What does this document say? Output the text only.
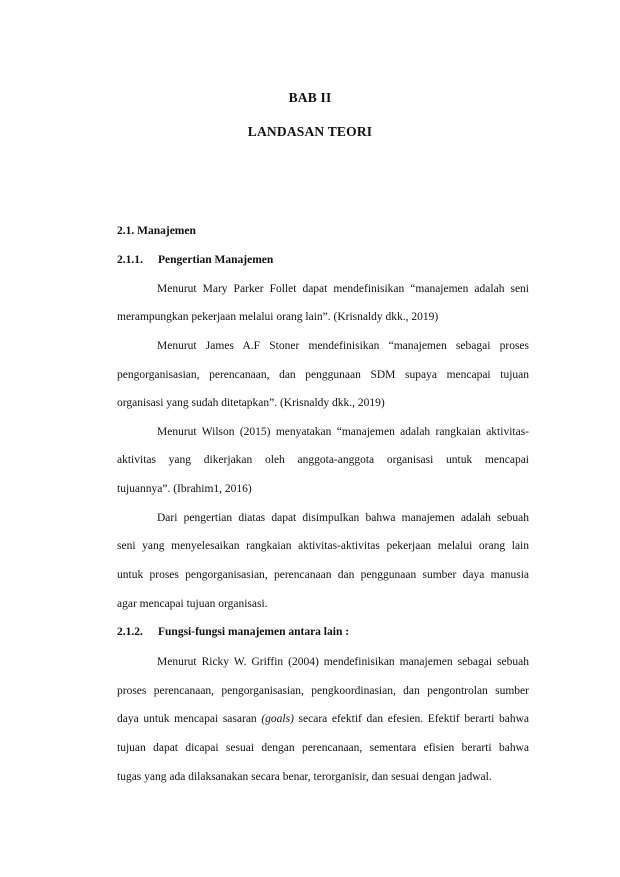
BAB II
LANDASAN TEORI
2.1. Manajemen
2.1.1. Pengertian Manajemen
Menurut Mary Parker Follet dapat mendefinisikan “manajemen adalah seni
merampungkan pekerjaan melalui orang lain”. (Krisnaldy dkk., 2019)
Menurut James A.F Stoner mendefinisikan “manajemen sebagai proses
pengorganisasian, perencanaan, dan penggunaan SDM supaya mencapai tujuan
organisasi yang sudah ditetapkan”. (Krisnaldy dkk., 2019)
Menurut Wilson (2015) menyatakan “manajemen adalah rangkaian aktivitas-
aktivitas yang dikerjakan oleh anggota-anggota organisasi untuk mencapai
tujuannya”. (Ibrahim1, 2016)
Dari pengertian diatas dapat disimpulkan bahwa manajemen adalah sebuah
seni yang menyelesaikan rangkaian aktivitas-aktivitas pekerjaan melalui orang lain
untuk proses pengorganisasian, perencanaan dan penggunaan sumber daya manusia
agar mencapai tujuan organisasi.
2.1.2. Fungsi-fungsi manajemen antara lain :
Menurut Ricky W. Griffin (2004) mendefinisikan manajemen sebagai sebuah
proses perencanaan, pengorganisasian, pengkoordinasian, dan pengontrolan sumber
daya untuk mencapai sasaran (goals) secara efektif dan efesien. Efektif berarti bahwa
tujuan dapat dicapai sesuai dengan perencanaan, sementara efisien berarti bahwa
tugas yang ada dilaksanakan secara benar, terorganisir, dan sesuai dengan jadwal.
